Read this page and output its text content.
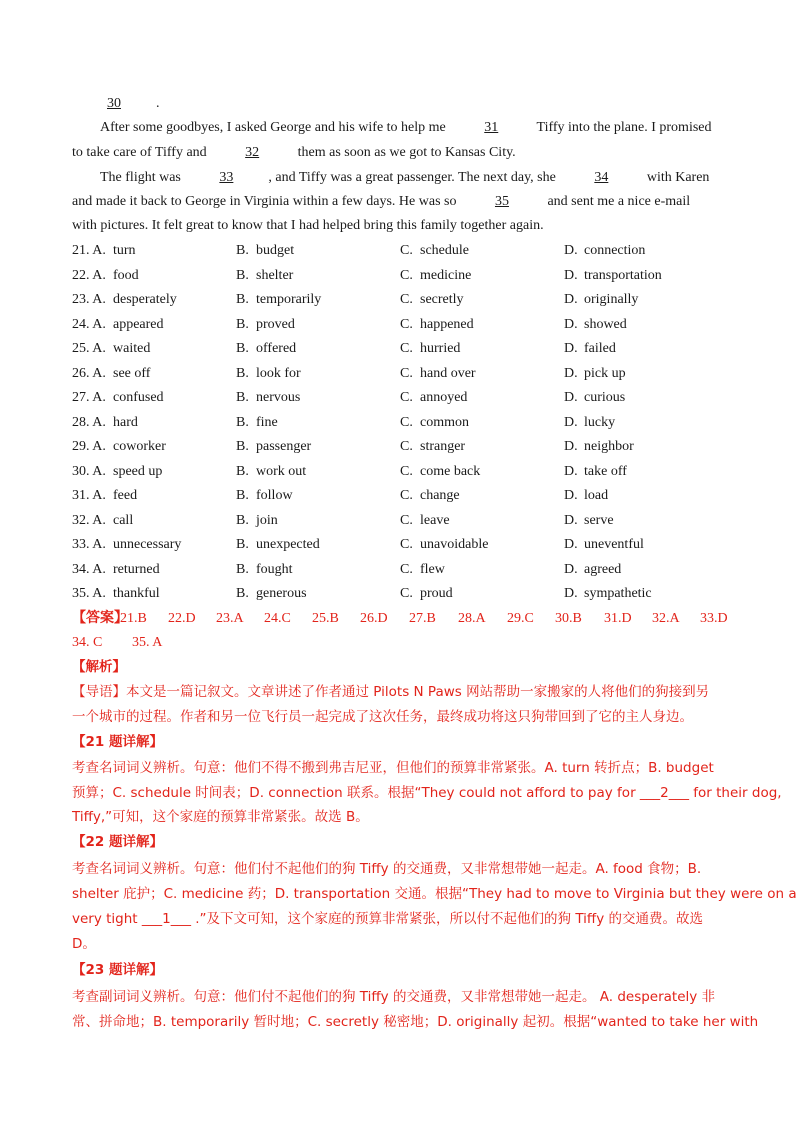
30	.
After some goodbyes, I asked George and his wife to help me	31	Tiffy into the plane. I promised
to take care of Tiffy and	32	them as soon as we got to Kansas City.
The flight was	33	, and Tiffy was a great passenger. The next day, she	34	with Karen
and made it back to George in Virginia within a few days. He was so	35	and sent me a nice e-mail
with pictures. It felt great to know that I had helped bring this family together again.
21. A. turn	B. budget	C. schedule	D. connection
22. A. food	B. shelter	C. medicine	D. transportation
23. A. desperately	B. temporarily	C. secretly	D. originally
24. A. appeared	B. proved	C. happened	D. showed
25. A. waited	B. offered	C. hurried	D. failed
26. A. see off	B. look for	C. hand over	D. pick up
27. A. confused	B. nervous	C. annoyed	D. curious
28. A. hard	B. fine	C. common	D. lucky
29. A. coworker	B. passenger	C. stranger	D. neighbor
30. A. speed up	B. work out	C. come back	D. take off
31. A. feed	B. follow	C. change	D. load
32. A. call	B. join	C. leave	D. serve
33. A. unnecessary	B. unexpected	C. unavoidable	D. uneventful
34. A. returned	B. fought	C. flew	D. agreed
35. A. thankful	B. generous	C. proud	D. sympathetic
【答案】
21.B 22.D 23.A 24.C 25.B 26.D 27.B 28.A 29.C 30.B 31.D 32.A 33.D
34. C 35. A
【解析】
【导语】本文是一篇记叙文。文章讲述了作者通过 Pilots N Paws 网站帮助一家搬家的人将他们的狗接到另
一个城市的过程。作者和另一位飞行员一起完成了这次任务，最终成功将这只狗带回到了它的主人身边。
【21 题详解】
考查名词词义辨析。句意：他们不得不搬到弗吉尼亚，但他们的预算非常紧张。A. turn 转折点；B. budget
预算；C. schedule 时间表；D. connection 联系。根据“They could not afford to pay for ___2___ for their dog,
Tiffy,”可知，这个家庭的预算非常紧张。故选 B。
【22 题详解】
考查名词词义辨析。句意：他们付不起他们的狗 Tiffy 的交通费，又非常想带她一起走。A. food 食物；B.
shelter 庇护；C. medicine 药；D. transportation 交通。根据“They had to move to Virginia but they were on a
very tight ___1___ .”及下文可知，这个家庭的预算非常紧张，所以付不起他们的狗 Tiffy 的交通费。故选
D。
【23 题详解】
考查副词词义辨析。句意：他们付不起他们的狗 Tiffy 的交通费，又非常想带她一起走。 A. desperately 非
常、拼命地；B. temporarily 暂时地；C. secretly 秘密地；D. originally 起初。根据“wanted to take her with
